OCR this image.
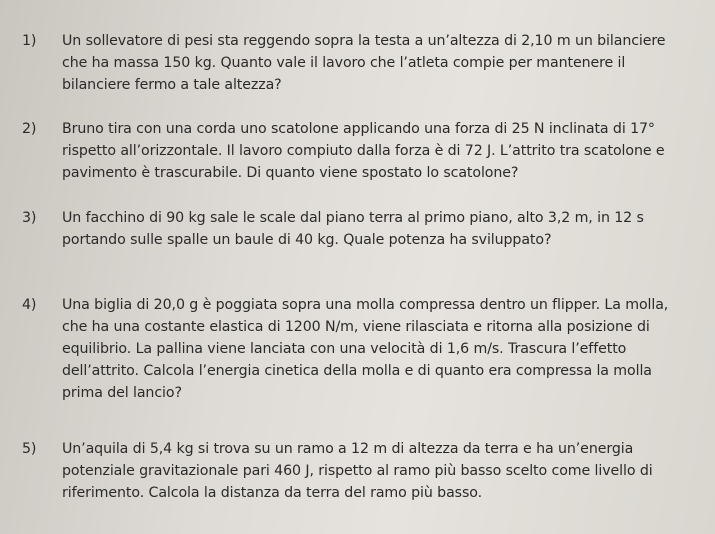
1)	Un sollevatore di pesi sta reggendo sopra la testa a un’altezza di 2,10 m un bilanciere che ha massa 150 kg. Quanto vale il lavoro che l’atleta compie per mantenere il bilanciere fermo a tale altezza?
2)	Bruno tira con una corda uno scatolone applicando una forza di 25 N inclinata di 17° rispetto all’orizzontale. Il lavoro compiuto dalla forza è di 72 J. L’attrito tra scatolone e pavimento è trascurabile. Di quanto viene spostato lo scatolone?
3)	Un facchino di 90 kg sale le scale dal piano terra al primo piano, alto 3,2 m, in 12 s portando sulle spalle un baule di 40 kg. Quale potenza ha sviluppato?
4)	Una biglia di 20,0 g è poggiata sopra una molla compressa dentro un flipper. La molla, che ha una costante elastica di 1200 N/m, viene rilasciata e ritorna alla posizione di equilibrio. La pallina viene lanciata con una velocità di 1,6 m/s. Trascura l’effetto dell’attrito. Calcola l’energia cinetica della molla e di quanto era compressa la molla prima del lancio?
5)	Un’aquila di 5,4 kg si trova su un ramo a 12 m di altezza da terra e ha un’energia potenziale gravitazionale pari 460 J, rispetto al ramo più basso scelto come livello di riferimento. Calcola la distanza da terra del ramo più basso.
